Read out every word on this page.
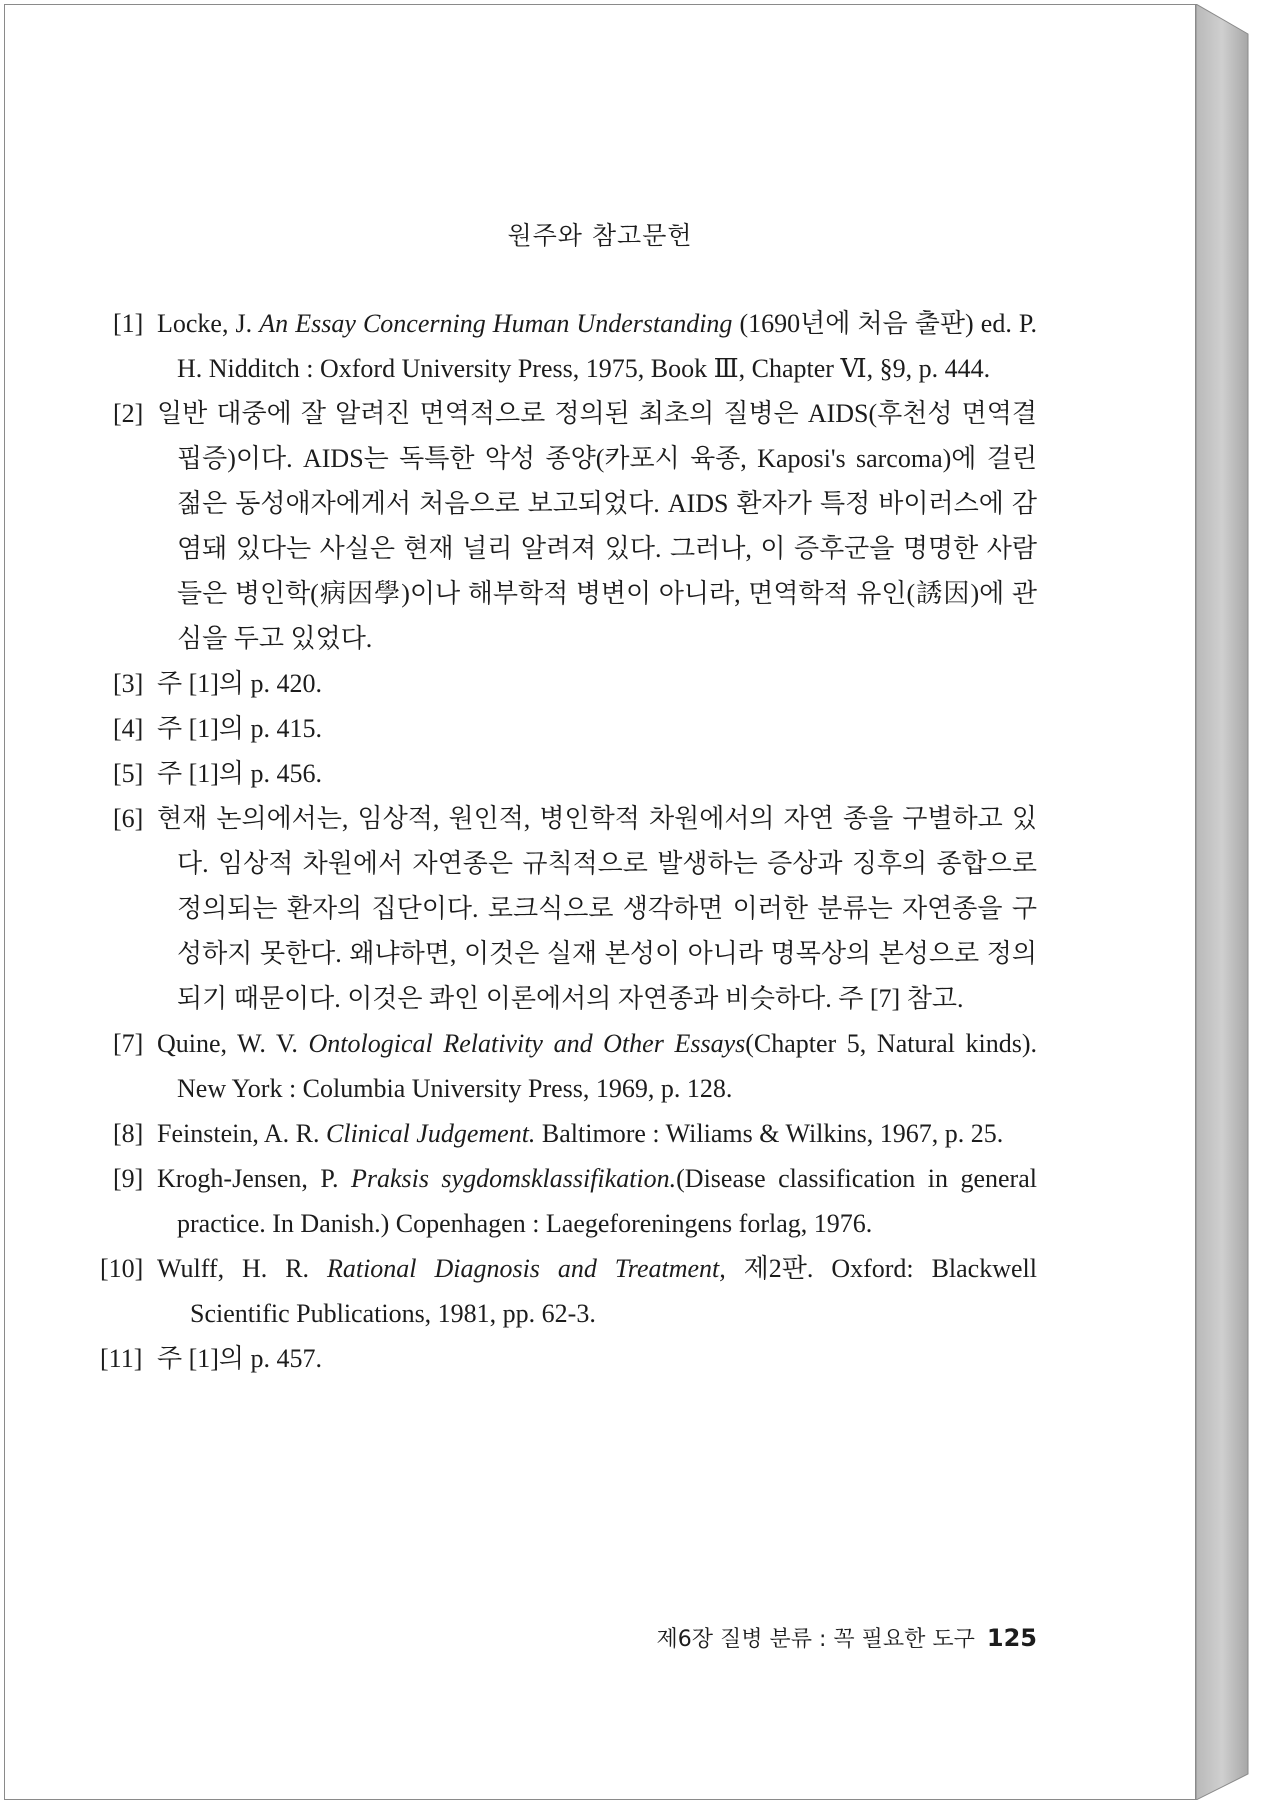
원주와 참고문헌
[1] Locke, J. An Essay Concerning Human Understanding (1690년에 처음 출판) ed. P. H. Nidditch : Oxford University Press, 1975, Book Ⅲ, Chapter Ⅵ, §9, p. 444.
[2] 일반 대중에 잘 알려진 면역적으로 정의된 최초의 질병은 AIDS(후천성 면역결핍증)이다. AIDS는 독특한 악성 종양(카포시 육종, Kaposi's sarcoma)에 걸린 젊은 동성애자에게서 처음으로 보고되었다. AIDS 환자가 특정 바이러스에 감염돼 있다는 사실은 현재 널리 알려져 있다. 그러나, 이 증후군을 명명한 사람들은 병인학(病因學)이나 해부학적 병변이 아니라, 면역학적 유인(誘因)에 관심을 두고 있었다.
[3] 주 [1]의 p. 420.
[4] 주 [1]의 p. 415.
[5] 주 [1]의 p. 456.
[6] 현재 논의에서는, 임상적, 원인적, 병인학적 차원에서의 자연 종을 구별하고 있다. 임상적 차원에서 자연종은 규칙적으로 발생하는 증상과 징후의 종합으로 정의되는 환자의 집단이다. 로크식으로 생각하면 이러한 분류는 자연종을 구성하지 못한다. 왜냐하면, 이것은 실재 본성이 아니라 명목상의 본성으로 정의되기 때문이다. 이것은 콰인 이론에서의 자연종과 비슷하다. 주 [7] 참고.
[7] Quine, W. V. Ontological Relativity and Other Essays(Chapter 5, Natural kinds). New York : Columbia University Press, 1969, p. 128.
[8] Feinstein, A. R. Clinical Judgement. Baltimore : Wiliams & Wilkins, 1967, p. 25.
[9] Krogh-Jensen, P. Praksis sygdomsklassifikation.(Disease classification in general practice. In Danish.) Copenhagen : Laegeforeningens forlag, 1976.
[10] Wulff, H. R. Rational Diagnosis and Treatment, 제2판. Oxford: Blackwell Scientific Publications, 1981, pp. 62-3.
[11] 주 [1]의 p. 457.
제6장 질병 분류 : 꼭 필요한 도구 125
